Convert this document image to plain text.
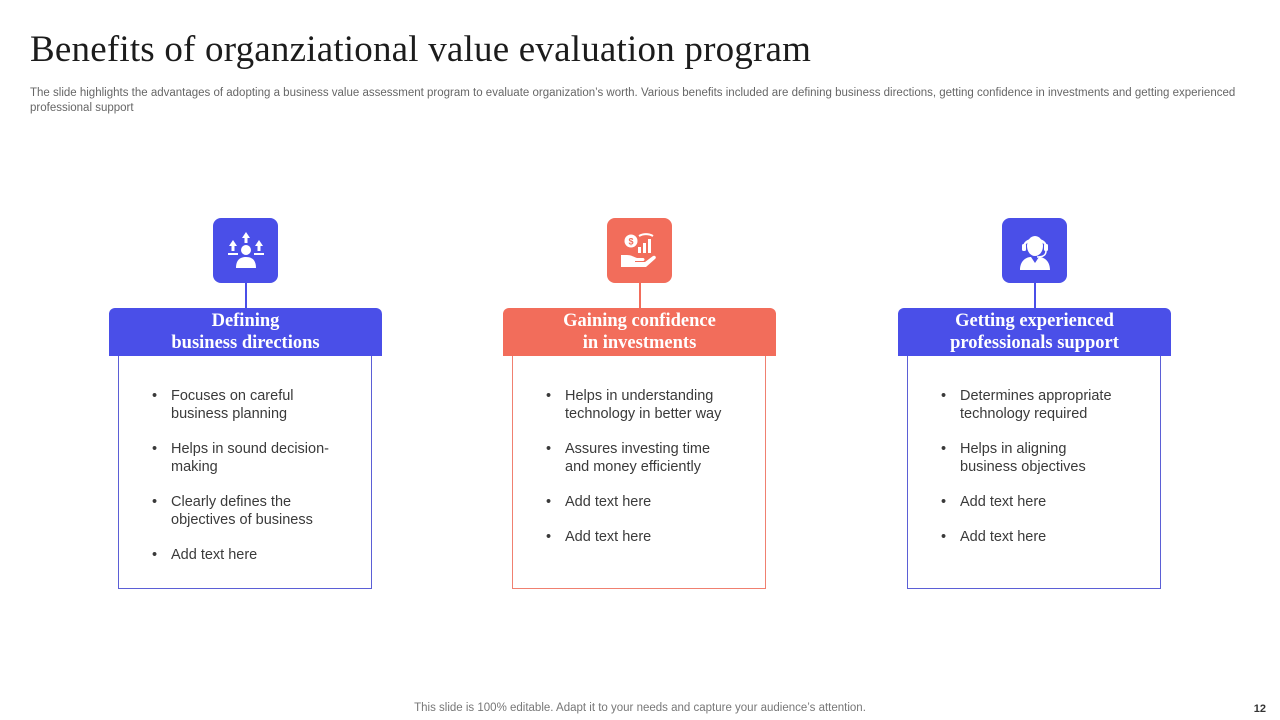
Benefits of organziational value evaluation program
The slide highlights the advantages of adopting a business value assessment program to evaluate organization’s worth. Various benefits included are defining business directions, getting confidence in investments and getting experienced professional support
Defining
business directions
• Focuses on careful
business planning
• Helps in sound decision-
making
• Clearly defines the
objectives of business
• Add text here
$
Gaining confidence
in investments
• Helps in understanding
technology in better way
• Assures investing time
and money efficiently
• Add text here
• Add text here
Getting experienced
professionals support
• Determines appropriate
technology required
• Helps in aligning
business objectives
• Add text here
• Add text here
This slide is 100% editable. Adapt it to your needs and capture your audience’s attention.	12
